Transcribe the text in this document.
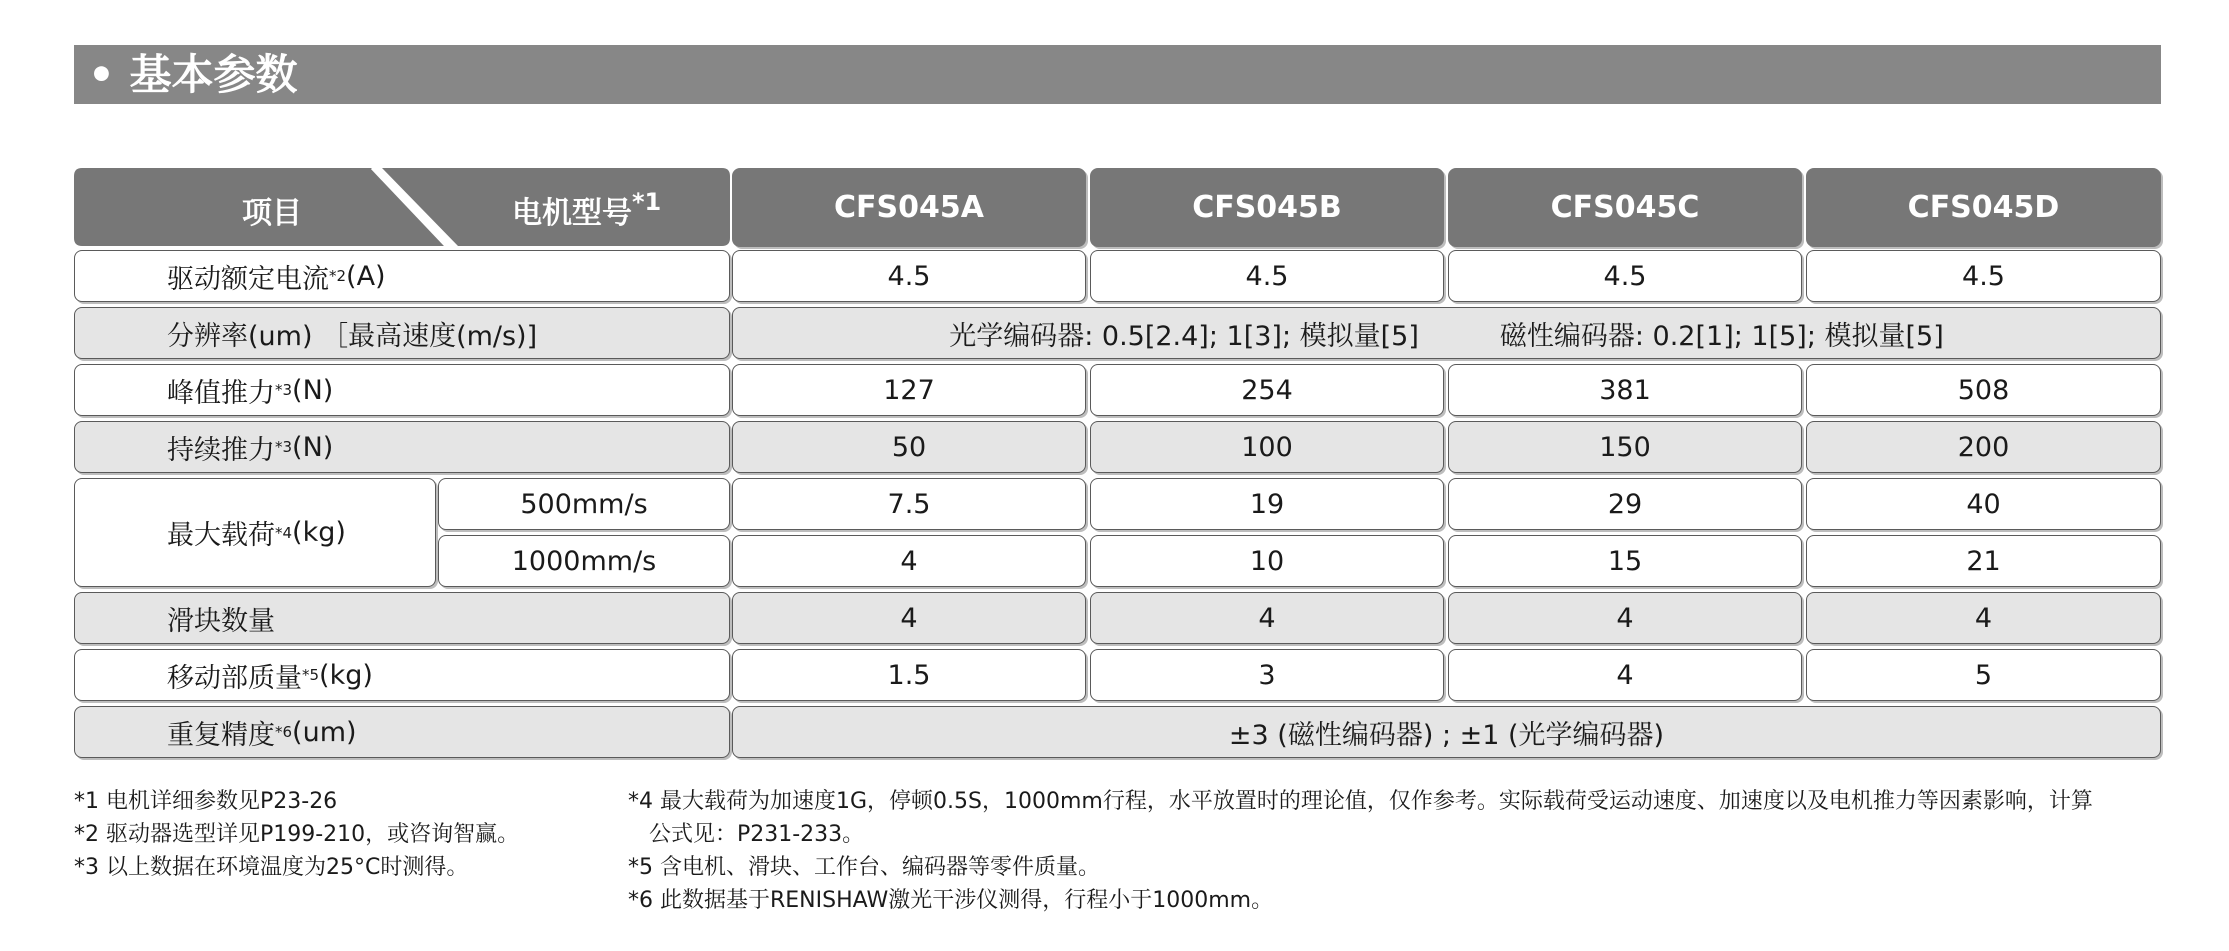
• 基本参数
项目	电机型号$^{*1}$	CFS045A	CFS045B	CFS045C	CFS045D
驱动额定电流 *2 (A)	4.5	4.5	4.5	4.5
分辨率(um) ［最高速度(m/s)]	光学编码器: 0.5[2.4]; 1[3]; 模拟量[5]　　　磁性编码器: 0.2[1]; 1[5]; 模拟量[5]
峰值推力 *3 (N)	127	254	381	508
持续推力 *3 (N)	50	100	150	200
最大载荷 *4 (kg)
500mm/s	7.5	19	29	40
1000mm/s	4	10	15	21
滑块数量	4	4	4	4
移动部质量 *5 (kg)	1.5	3	4	5
重复精度 *6 (um)	±3 (磁性编码器) ; ±1 (光学编码器)
*1 电机详细参数见P23-26
*2 驱动器选型详见P199-210，或咨询智赢。
*3 以上数据在环境温度为25°C时测得。
*4 最大载荷为加速度1G，停顿0.5S，1000mm行程，水平放置时的理论值，仅作参考。实际载荷受运动速度、加速度以及电机推力等因素影响，计算
公式见：P231-233。
*5 含电机、滑块、工作台、编码器等零件质量。
*6 此数据基于RENISHAW激光干涉仪测得，行程小于1000mm。
